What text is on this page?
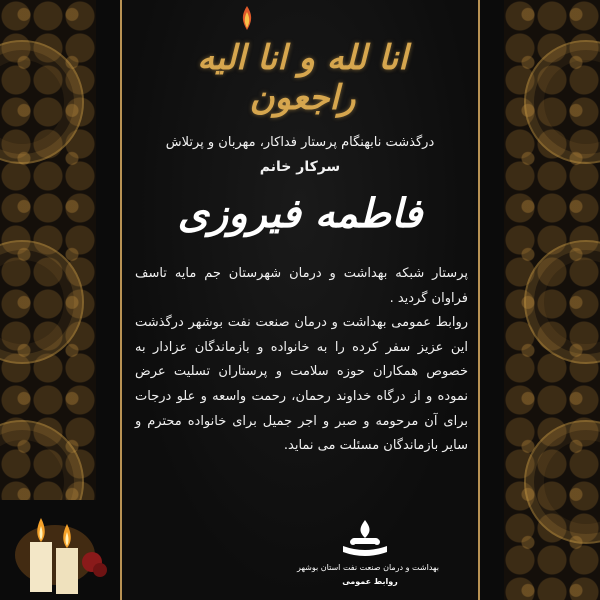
انا لله و انا الیه راجعون
درگذشت نابهنگام پرستار فداکار، مهربان و پرتلاش
سرکار خانم
فاطمه فیروزی

پرستار شبکه بهداشت و درمان شهرستان جم مایه تاسف فراوان گردید .

روابط عمومی بهداشت و درمان صنعت نفت بوشهر درگذشت این عزیز سفر کرده را به خانواده و بازماندگان عزادار به خصوص همکاران حوزه سلامت و پرستاران تسلیت عرض نموده و از درگاه خداوند رحمان، رحمت واسعه و علو درجات برای آن مرحومه و صبر و اجر جمیل برای خانواده محترم و سایر بازماندگان مسئلت می نماید.

بهداشت و درمان صنعت نفت استان بوشهر
روابط عمومی
